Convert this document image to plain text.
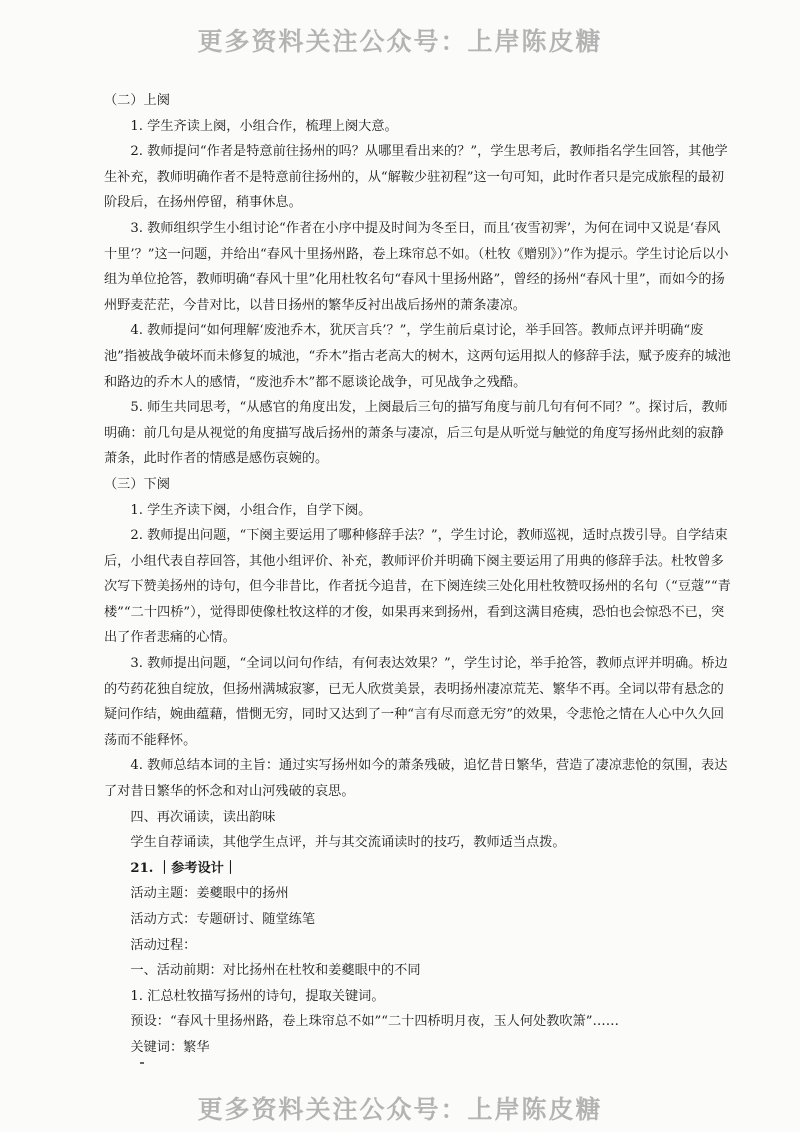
更多资料关注公众号：上岸陈皮糖

（二）上阕

1. 学生齐读上阕，小组合作，梳理上阕大意。

2. 教师提问“作者是特意前往扬州的吗？从哪里看出来的？”，学生思考后，教师指名学生回答，其他学生补充，教师明确作者不是特意前往扬州的，从“解鞍少驻初程”这一句可知，此时作者只是完成旅程的最初阶段后，在扬州停留，稍事休息。

3. 教师组织学生小组讨论“作者在小序中提及时间为冬至日，而且‘夜雪初霁’，为何在词中又说是‘春风十里’？”这一问题，并给出“春风十里扬州路，卷上珠帘总不如。（杜牧《赠别》）”作为提示。学生讨论后以小组为单位抢答，教师明确“春风十里”化用杜牧名句“春风十里扬州路”，曾经的扬州“春风十里”，而如今的扬州野麦茫茫，今昔对比，以昔日扬州的繁华反衬出战后扬州的萧条凄凉。

4. 教师提问“如何理解‘废池乔木，犹厌言兵’？”，学生前后桌讨论，举手回答。教师点评并明确“废池”指被战争破坏而未修复的城池，“乔木”指古老高大的树木，这两句运用拟人的修辞手法，赋予废弃的城池和路边的乔木人的感情，“废池乔木”都不愿谈论战争，可见战争之残酷。

5. 师生共同思考，“从感官的角度出发，上阕最后三句的描写角度与前几句有何不同？”。探讨后，教师明确：前几句是从视觉的角度描写战后扬州的萧条与凄凉，后三句是从听觉与触觉的角度写扬州此刻的寂静萧条，此时作者的情感是感伤哀婉的。

（三）下阕

1. 学生齐读下阕，小组合作，自学下阕。

2. 教师提出问题，“下阕主要运用了哪种修辞手法？”，学生讨论，教师巡视，适时点拨引导。自学结束后，小组代表自荐回答，其他小组评价、补充，教师评价并明确下阕主要运用了用典的修辞手法。杜牧曾多次写下赞美扬州的诗句，但今非昔比，作者抚今追昔，在下阕连续三处化用杜牧赞叹扬州的名句（“豆蔻”“青楼”“二十四桥”），觉得即使像杜牧这样的才俊，如果再来到扬州，看到这满目疮痍，恐怕也会惊恐不已，突出了作者悲痛的心情。

3. 教师提出问题，“全词以问句作结，有何表达效果？”，学生讨论，举手抢答，教师点评并明确。桥边的芍药花独自绽放，但扬州满城寂寥，已无人欣赏美景，表明扬州凄凉荒芜、繁华不再。全词以带有悬念的疑问作结，婉曲蕴藉，惜惻无穷，同时又达到了一种“言有尽而意无穷”的效果，令悲怆之情在人心中久久回荡而不能释怀。

4. 教师总结本词的主旨：通过实写扬州如今的萧条残破，追忆昔日繁华，营造了凄凉悲怆的氛围，表达了对昔日繁华的怀念和对山河残破的哀思。

四、再次诵读，读出韵味

学生自荐诵读，其他学生点评，并与其交流诵读时的技巧，教师适当点拨。

21. ｜参考设计｜

活动主题：姜夔眼中的扬州

活动方式：专题研讨、随堂练笔

活动过程：

一、活动前期：对比扬州在杜牧和姜夔眼中的不同

1. 汇总杜牧描写扬州的诗句，提取关键词。

预设：“春风十里扬州路，卷上珠帘总不如”“二十四桥明月夜，玉人何处教吹箫”……

关键词：繁华

更多资料关注公众号：上岸陈皮糖
